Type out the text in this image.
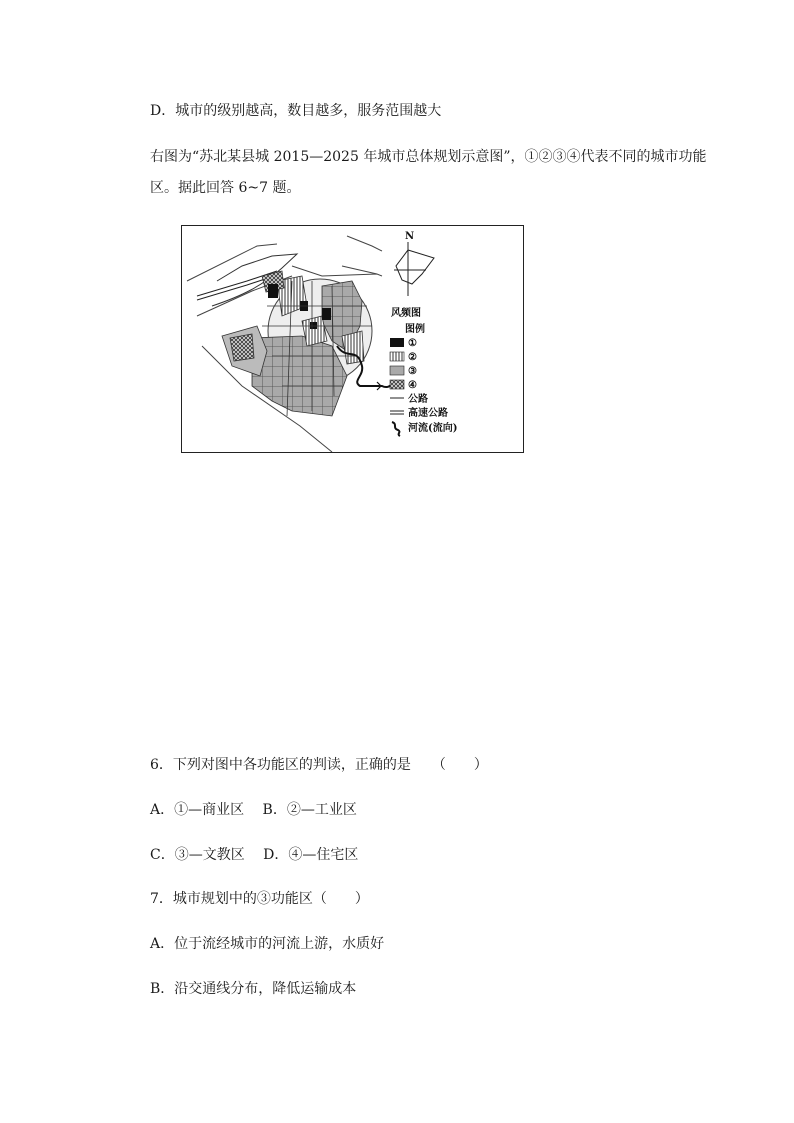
D．城市的级别越高，数目越多，服务范围越大
右图为“苏北某县城 2015—2025 年城市总体规划示意图”，①②③④代表不同的城市功能
区。据此回答 6~7 题。
N
风频图
图例
①
②
③
④
公路
高速公路
河流(流向)
6．下列对图中各功能区的判读，正确的是　　（　　）
A．①—商业区　 B．②—工业区
C．③—文教区　 D．④—住宅区
7．城市规划中的③功能区（　　）
A．位于流经城市的河流上游，水质好
B．沿交通线分布，降低运输成本
